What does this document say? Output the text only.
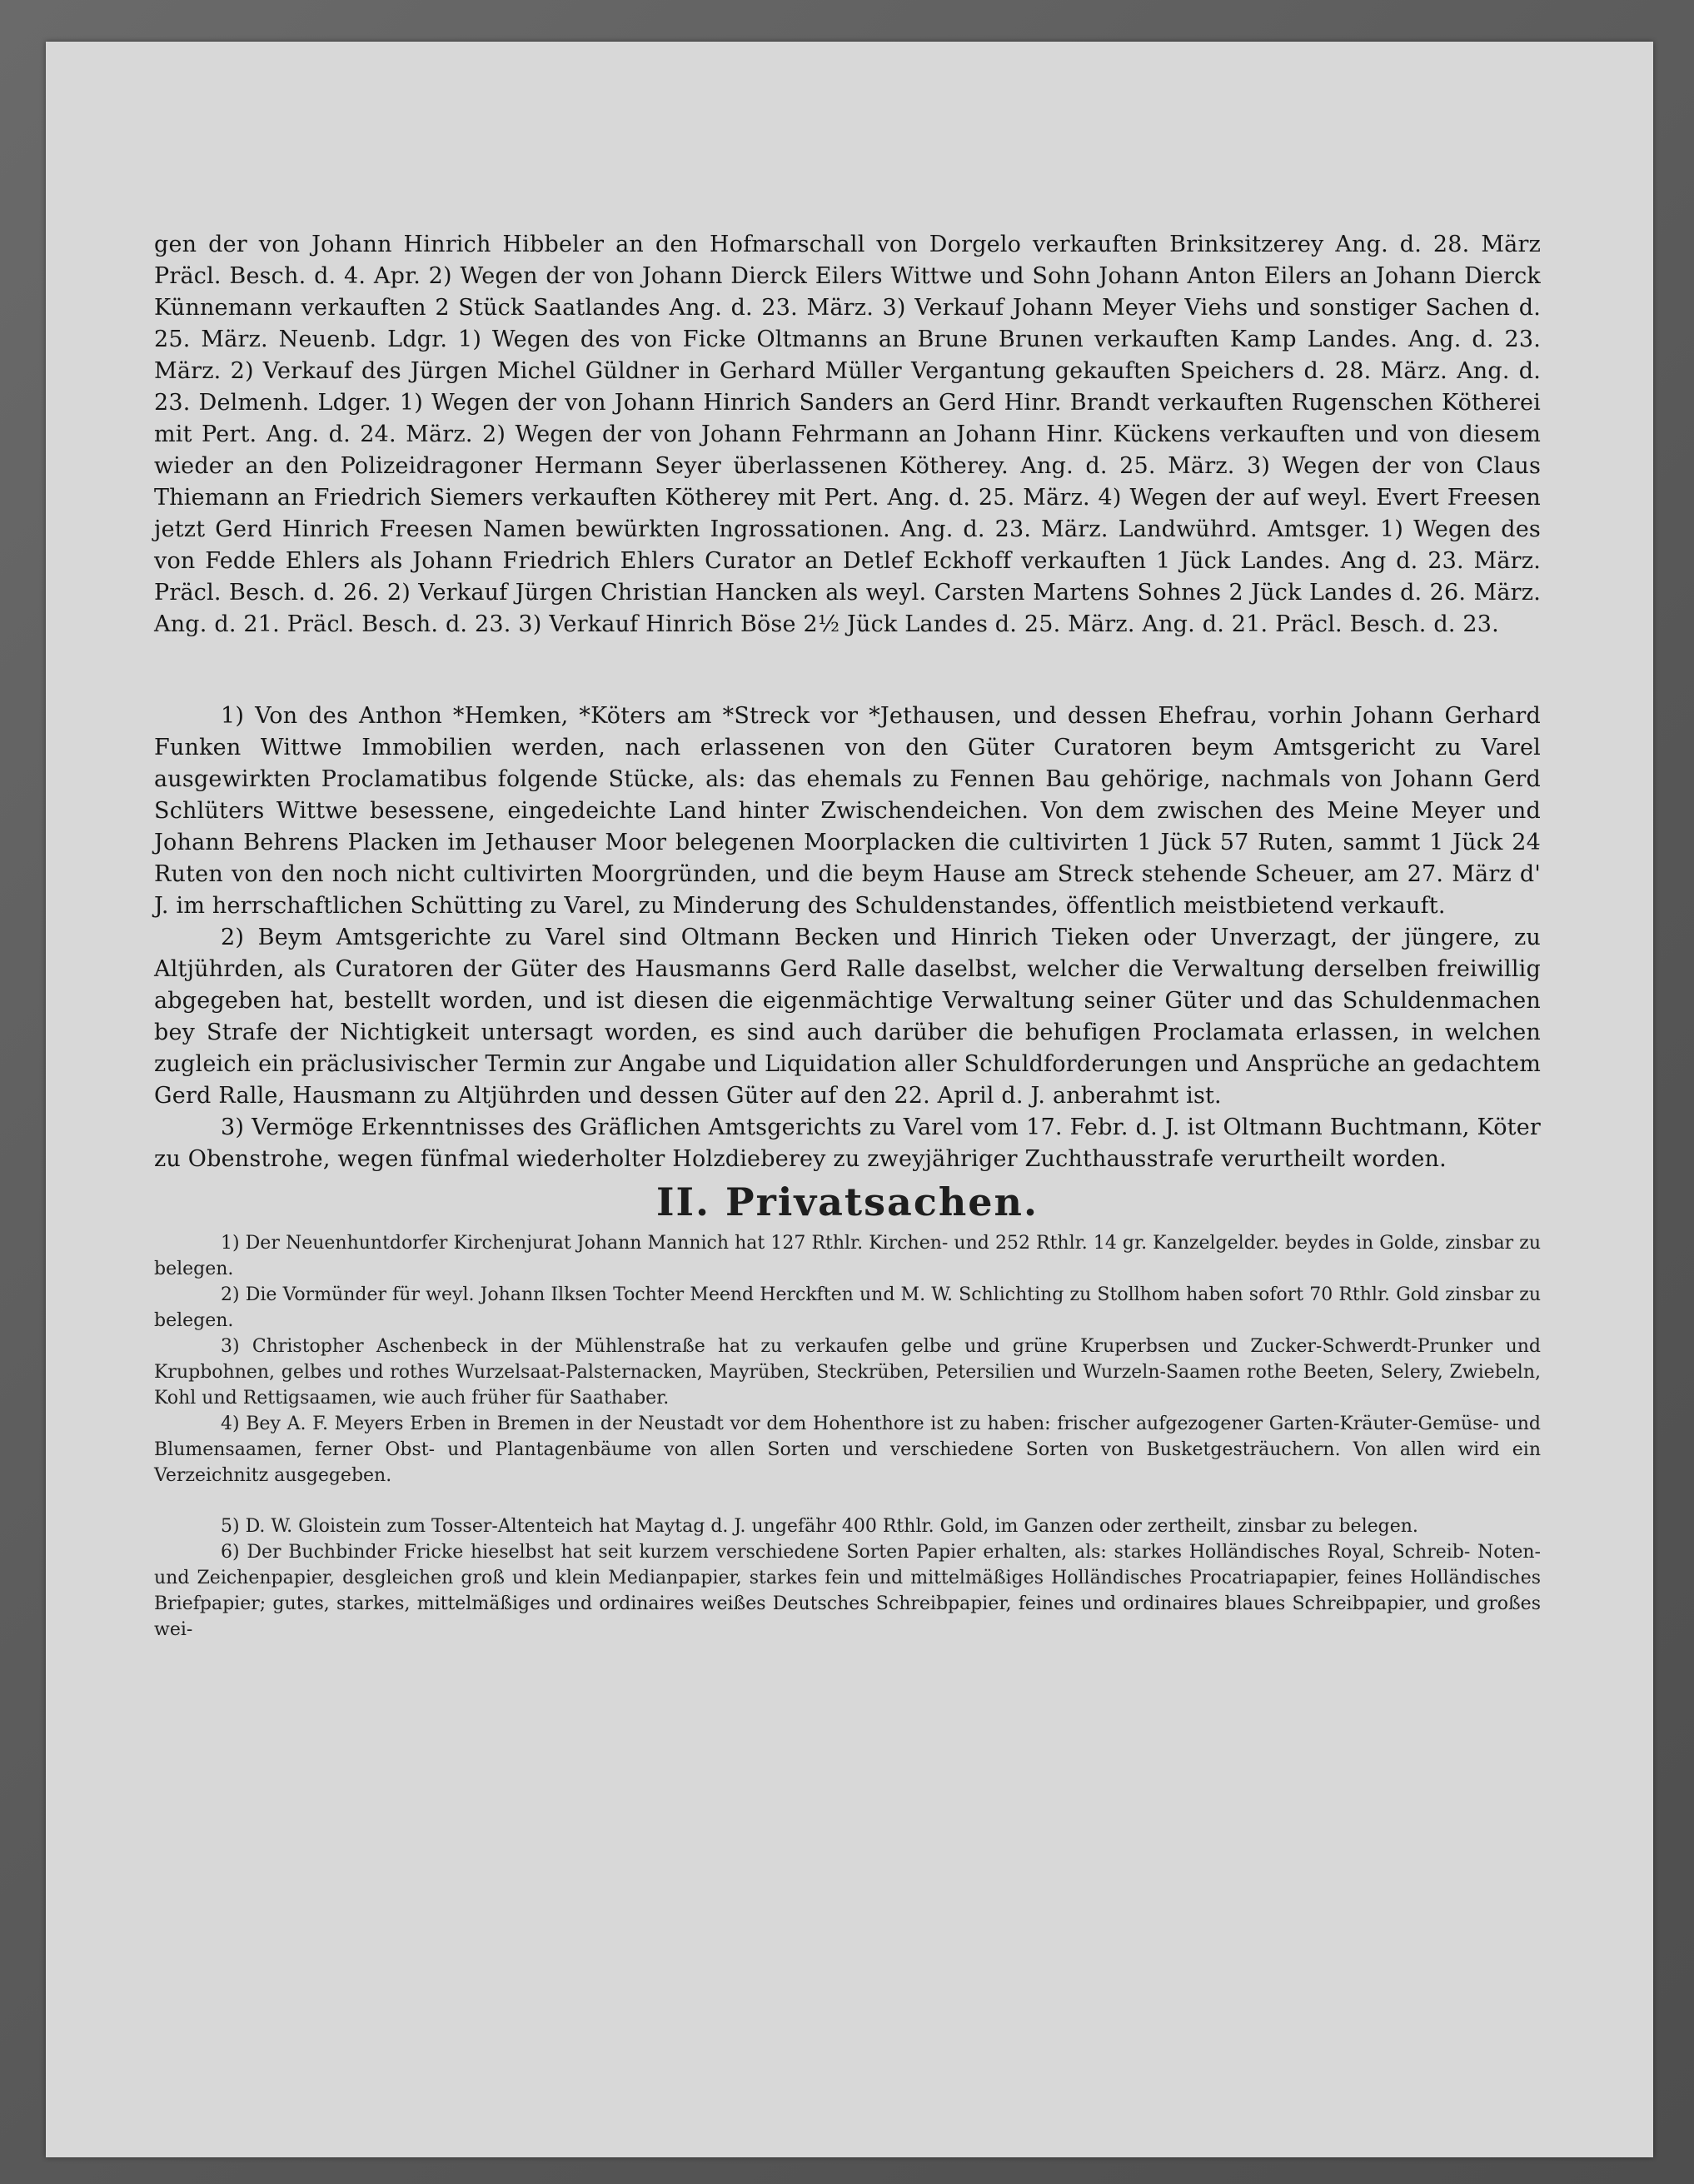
gen der von Johann Hinrich Hibbeler an den Hofmarschall von Dorgelo verkauften Brinksitzerey Ang. d. 28. März Präcl. Besch. d. 4. Apr. 2) Wegen der von Johann Dierck Eilers Wittwe und Sohn Johann Anton Eilers an Johann Dierck Künnemann verkauften 2 Stück Saatlandes Ang. d. 23. März. 3) Verkauf Johann Meyer Viehs und sonstiger Sachen d. 25. März. Neuenb. Ldgr. 1) Wegen des von Ficke Oltmanns an Brune Brunen verkauften Kamp Landes. Ang. d. 23. März. 2) Verkauf des Jürgen Michel Güldner in Gerhard Müller Vergantung gekauften Speichers d. 28. März. Ang. d. 23. Delmenh. Ldger. 1) Wegen der von Johann Hinrich Sanders an Gerd Hinr. Brandt verkauften Rugenschen Kötherei mit Pert. Ang. d. 24. März. 2) Wegen der von Johann Fehrmann an Johann Hinr. Kückens verkauften und von diesem wieder an den Polizeidragoner Hermann Seyer überlassenen Kötherey. Ang. d. 25. März. 3) Wegen der von Claus Thiemann an Friedrich Siemers verkauften Kötherey mit Pert. Ang. d. 25. März. 4) Wegen der auf weyl. Evert Freesen jetzt Gerd Hinrich Freesen Namen bewürkten Ingrossationen. Ang. d. 23. März. Landwührd. Amtsger. 1) Wegen des von Fedde Ehlers als Johann Friedrich Ehlers Curator an Detlef Eckhoff verkauften 1 Jück Landes. Ang d. 23. März. Präcl. Besch. d. 26. 2) Verkauf Jürgen Christian Hancken als weyl. Carsten Martens Sohnes 2 Jück Landes d. 26. März. Ang. d. 21. Präcl. Besch. d. 23. 3) Verkauf Hinrich Böse 2½ Jück Landes d. 25. März. Ang. d. 21. Präcl. Besch. d. 23.

1) Von des Anthon *Hemken, *Köters am *Streck vor *Jethausen, und dessen Ehefrau, vorhin Johann Gerhard Funken Wittwe Immobilien werden, nach erlassenen von den Güter Curatoren beym Amtsgericht zu Varel ausgewirkten Proclamatibus folgende Stücke, als: das ehemals zu Fennen Bau gehörige, nachmals von Johann Gerd Schlüters Wittwe besessene, eingedeichte Land hinter Zwischendeichen. Von dem zwischen des Meine Meyer und Johann Behrens Placken im Jethauser Moor belegenen Moorplacken die cultivirten 1 Jück 57 Ruten, sammt 1 Jück 24 Ruten von den noch nicht cultivirten Moorgründen, und die beym Hause am Streck stehende Scheuer, am 27. März d' J. im herrschaftlichen Schütting zu Varel, zu Minderung des Schuldenstandes, öffentlich meistbietend verkauft.

2) Beym Amtsgerichte zu Varel sind Oltmann Becken und Hinrich Tieken oder Unverzagt, der jüngere, zu Altjührden, als Curatoren der Güter des Hausmanns Gerd Ralle daselbst, welcher die Verwaltung derselben freiwillig abgegeben hat, bestellt worden, und ist diesen die eigenmächtige Verwaltung seiner Güter und das Schuldenmachen bey Strafe der Nichtigkeit untersagt worden, es sind auch darüber die behufigen Proclamata erlassen, in welchen zugleich ein präclusivischer Termin zur Angabe und Liquidation aller Schuldforderungen und Ansprüche an gedachtem Gerd Ralle, Hausmann zu Altjührden und dessen Güter auf den 22. April d. J. anberahmt ist.

3) Vermöge Erkenntnisses des Gräflichen Amtsgerichts zu Varel vom 17. Febr. d. J. ist Oltmann Buchtmann, Köter zu Obenstrohe, wegen fünfmal wiederholter Holzdieberey zu zweyjähriger Zuchthausstrafe verurtheilt worden.

II. Privatsachen.

1) Der Neuenhuntdorfer Kirchenjurat Johann Mannich hat 127 Rthlr. Kirchen- und 252 Rthlr. 14 gr. Kanzelgelder. beydes in Golde, zinsbar zu belegen.

2) Die Vormünder für weyl. Johann Ilksen Tochter Meend Herckften und M. W. Schlichting zu Stollhom haben sofort 70 Rthlr. Gold zinsbar zu belegen.

3) Christopher Aschenbeck in der Mühlenstraße hat zu verkaufen gelbe und grüne Kruperbsen und Zucker-Schwerdt-Prunker und Krupbohnen, gelbes und rothes Wurzelsaat-Palsternacken, Mayrüben, Steckrüben, Petersilien und Wurzeln-Saamen rothe Beeten, Selery, Zwiebeln, Kohl und Rettigsaamen, wie auch früher für Saathaber.

4) Bey A. F. Meyers Erben in Bremen in der Neustadt vor dem Hohenthore ist zu haben: frischer aufgezogener Garten-Kräuter-Gemüse- und Blumensaamen, ferner Obst- und Plantagenbäume von allen Sorten und verschiedene Sorten von Busketgesträuchern. Von allen wird ein Verzeichnitz ausgegeben.

5) D. W. Gloistein zum Tosser-Altenteich hat Maytag d. J. ungefähr 400 Rthlr. Gold, im Ganzen oder zertheilt, zinsbar zu belegen.

6) Der Buchbinder Fricke hieselbst hat seit kurzem verschiedene Sorten Papier erhalten, als: starkes Holländisches Royal, Schreib- Noten- und Zeichenpapier, desgleichen groß und klein Medianpapier, starkes fein und mittelmäßiges Holländisches Procatriapapier, feines Holländisches Briefpapier; gutes, starkes, mittelmäßiges und ordinaires weißes Deutsches Schreibpapier, feines und ordinaires blaues Schreibpapier, und großes wei-
